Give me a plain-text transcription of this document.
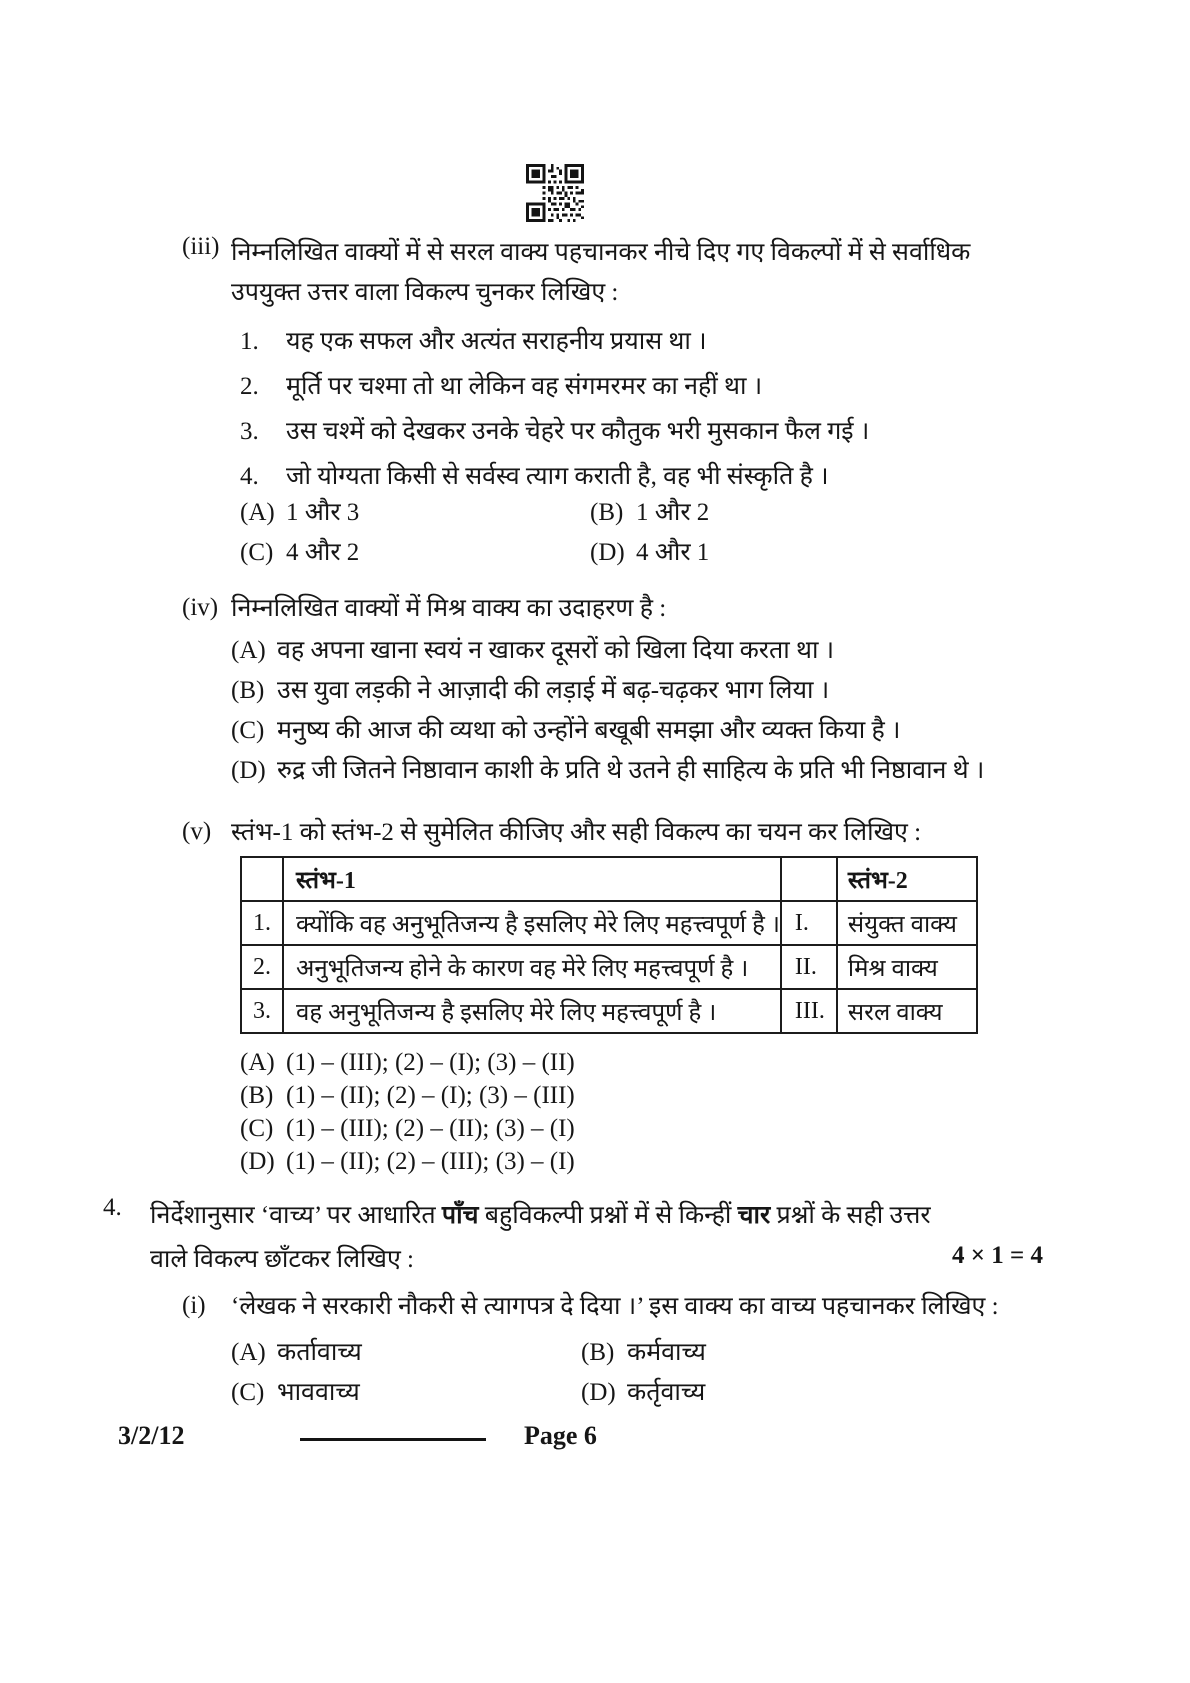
(iii) निम्नलिखित वाक्यों में से सरल वाक्य पहचानकर नीचे दिए गए विकल्पों में से सर्वाधिक
उपयुक्त उत्तर वाला विकल्प चुनकर लिखिए :
1.	यह एक सफल और अत्यंत सराहनीय प्रयास था ।
2.	मूर्ति पर चश्मा तो था लेकिन वह संगमरमर का नहीं था ।
3.	उस चश्में को देखकर उनके चेहरे पर कौतुक भरी मुसकान फैल गई ।
4.	जो योग्यता किसी से सर्वस्व त्याग कराती है, वह भी संस्कृति है ।
(A) 1 और 3	(B) 1 और 2
(C) 4 और 2	(D) 4 और 1
(iv) निम्नलिखित वाक्यों में मिश्र वाक्य का उदाहरण है :
(A) वह अपना खाना स्वयं न खाकर दूसरों को खिला दिया करता था ।
(B) उस युवा लड़की ने आज़ादी की लड़ाई में बढ़-चढ़कर भाग लिया ।
(C) मनुष्य की आज की व्यथा को उन्होंने बखूबी समझा और व्यक्त किया है ।
(D) रुद्र जी जितने निष्ठावान काशी के प्रति थे उतने ही साहित्य के प्रति भी निष्ठावान थे ।
(v) स्तंभ-1 को स्तंभ-2 से सुमेलित कीजिए और सही विकल्प का चयन कर लिखिए :
	स्तंभ-1		स्तंभ-2
1.	क्योंकि वह अनुभूतिजन्य है इसलिए मेरे लिए महत्त्वपूर्ण है ।	I.	संयुक्त वाक्य
2.	अनुभूतिजन्य होने के कारण वह मेरे लिए महत्त्वपूर्ण है ।	II.	मिश्र वाक्य
3.	वह अनुभूतिजन्य है इसलिए मेरे लिए महत्त्वपूर्ण है ।	III.	सरल वाक्य
(A) (1) – (III); (2) – (I); (3) – (II)
(B) (1) – (II); (2) – (I); (3) – (III)
(C) (1) – (III); (2) – (II); (3) – (I)
(D) (1) – (II); (2) – (III); (3) – (I)
4.	निर्देशानुसार ‘वाच्य’ पर आधारित पाँच बहुविकल्पी प्रश्नों में से किन्हीं चार प्रश्नों के सही उत्तर
वाले विकल्प छाँटकर लिखिए :	4 × 1 = 4
(i)	‘लेखक ने सरकारी नौकरी से त्यागपत्र दे दिया ।’ इस वाक्य का वाच्य पहचानकर लिखिए :
(A) कर्तावाच्य	(B) कर्मवाच्य
(C) भाववाच्य	(D) कर्तृवाच्य
3/2/12	Page 6
